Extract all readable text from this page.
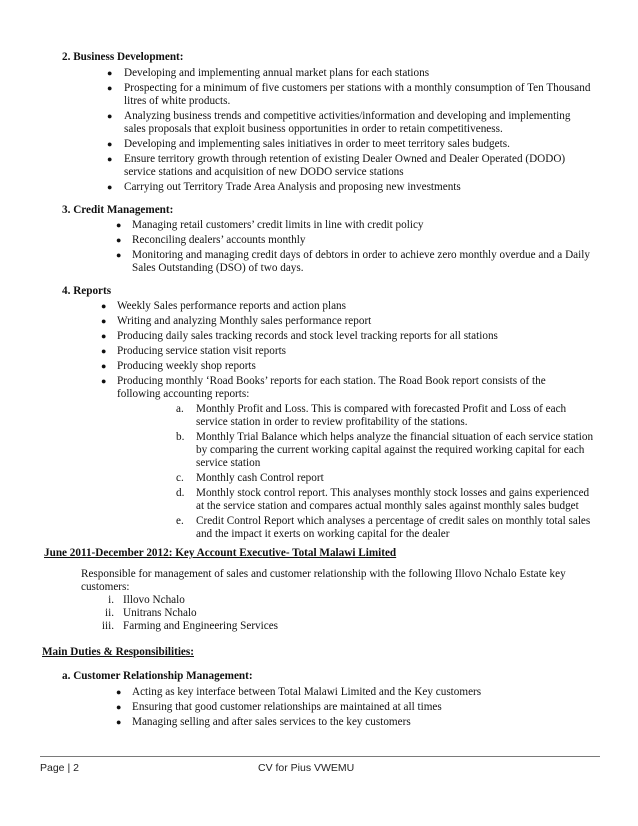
2. Business Development:
● Developing and implementing annual market plans for each stations
● Prospecting for a minimum of five customers per stations with a monthly consumption of Ten Thousand
litres of white products.
● Analyzing business trends and competitive activities/information and developing and implementing
sales proposals that exploit business opportunities in order to retain competitiveness.
● Developing and implementing sales initiatives in order to meet territory sales budgets.
● Ensure territory growth through retention of existing Dealer Owned and Dealer Operated (DODO)
service stations and acquisition of new DODO service stations
● Carrying out Territory Trade Area Analysis and proposing new investments
3. Credit Management:
● Managing retail customers’ credit limits in line with credit policy
● Reconciling dealers’ accounts monthly
● Monitoring and managing credit days of debtors in order to achieve zero monthly overdue and a Daily
Sales Outstanding (DSO) of two days.
4. Reports
● Weekly Sales performance reports and action plans
● Writing and analyzing Monthly sales performance report
● Producing daily sales tracking records and stock level tracking reports for all stations
● Producing service station visit reports
● Producing weekly shop reports
● Producing monthly ‘Road Books’ reports for each station. The Road Book report consists of the
following accounting reports:
a. Monthly Profit and Loss. This is compared with forecasted Profit and Loss of each
service station in order to review profitability of the stations.
b. Monthly Trial Balance which helps analyze the financial situation of each service station
by comparing the current working capital against the required working capital for each
service station
c. Monthly cash Control report
d. Monthly stock control report. This analyses monthly stock losses and gains experienced
at the service station and compares actual monthly sales against monthly sales budget
e. Credit Control Report which analyses a percentage of credit sales on monthly total sales
and the impact it exerts on working capital for the dealer
June 2011-December 2012: Key Account Executive- Total Malawi Limited
Responsible for management of sales and customer relationship with the following Illovo Nchalo Estate key
customers:
i. Illovo Nchalo
ii. Unitrans Nchalo
iii. Farming and Engineering Services
Main Duties & Responsibilities:
a. Customer Relationship Management:
● Acting as key interface between Total Malawi Limited and the Key customers
● Ensuring that good customer relationships are maintained at all times
● Managing selling and after sales services to the key customers
Page | 2	CV for Pius VWEMU
